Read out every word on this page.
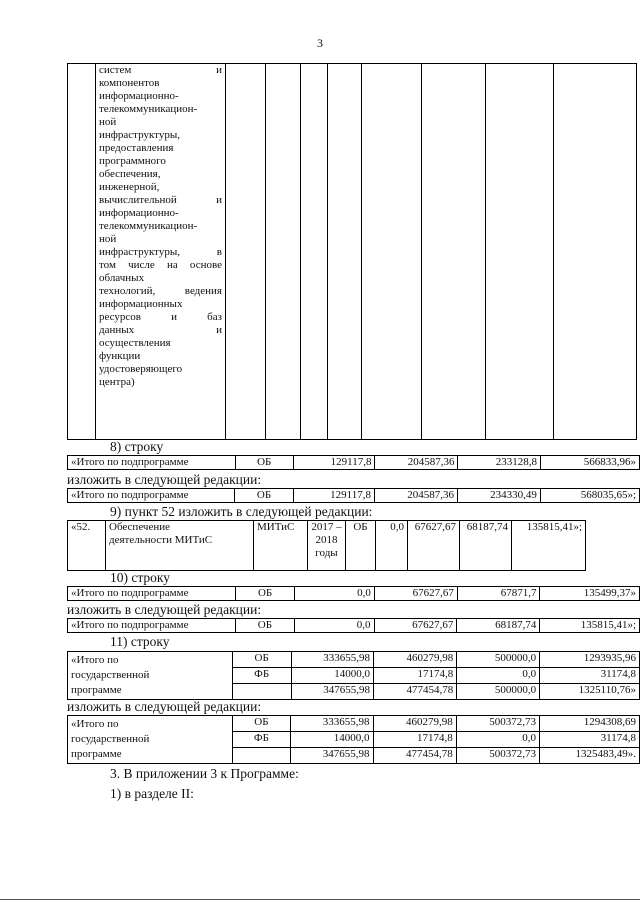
3

систем и
компонентов
информационно-
телекоммуникацион-
ной
инфраструктуры,
предоставления
программного
обеспечения,
инженерной,
вычислительной и
информационно-
телекоммуникацион-
ной
инфраструктуры, в
том числе на основе
облачных
технологий, ведения
информационных
ресурсов и баз
данных и
осуществления
функции
удостоверяющего
центра)

8) строку
«Итого по подпрограмме	ОБ	129117,8	204587,36	233128,8	566833,96»
изложить в следующей редакции:
«Итого по подпрограмме	ОБ	129117,8	204587,36	234330,49	568035,65»;
9) пункт 52 изложить в следующей редакции:
«52.	Обеспечение
деятельности МИТиС
	МИТиС	2017 –
2018
годы
	ОБ	0,0	67627,67	68187,74	135815,41»;
10) строку
«Итого по подпрограмме	ОБ	0,0	67627,67	67871,7	135499,37»
изложить в следующей редакции:
«Итого по подпрограмме	ОБ	0,0	67627,67	68187,74	135815,41»;
11) строку
«Итого по
государственной
программе	ОБ	333655,98	460279,98	500000,0	1293935,96
	ФБ	14000,0	17174,8	0,0	31174,8
		347655,98	477454,78	500000,0	1325110,76»
изложить в следующей редакции:
«Итого по
государственной
программе	ОБ	333655,98	460279,98	500372,73	1294308,69
	ФБ	14000,0	17174,8	0,0	31174,8
		347655,98	477454,78	500372,73	1325483,49».
3. В приложении 3 к Программе:
1) в разделе II:
